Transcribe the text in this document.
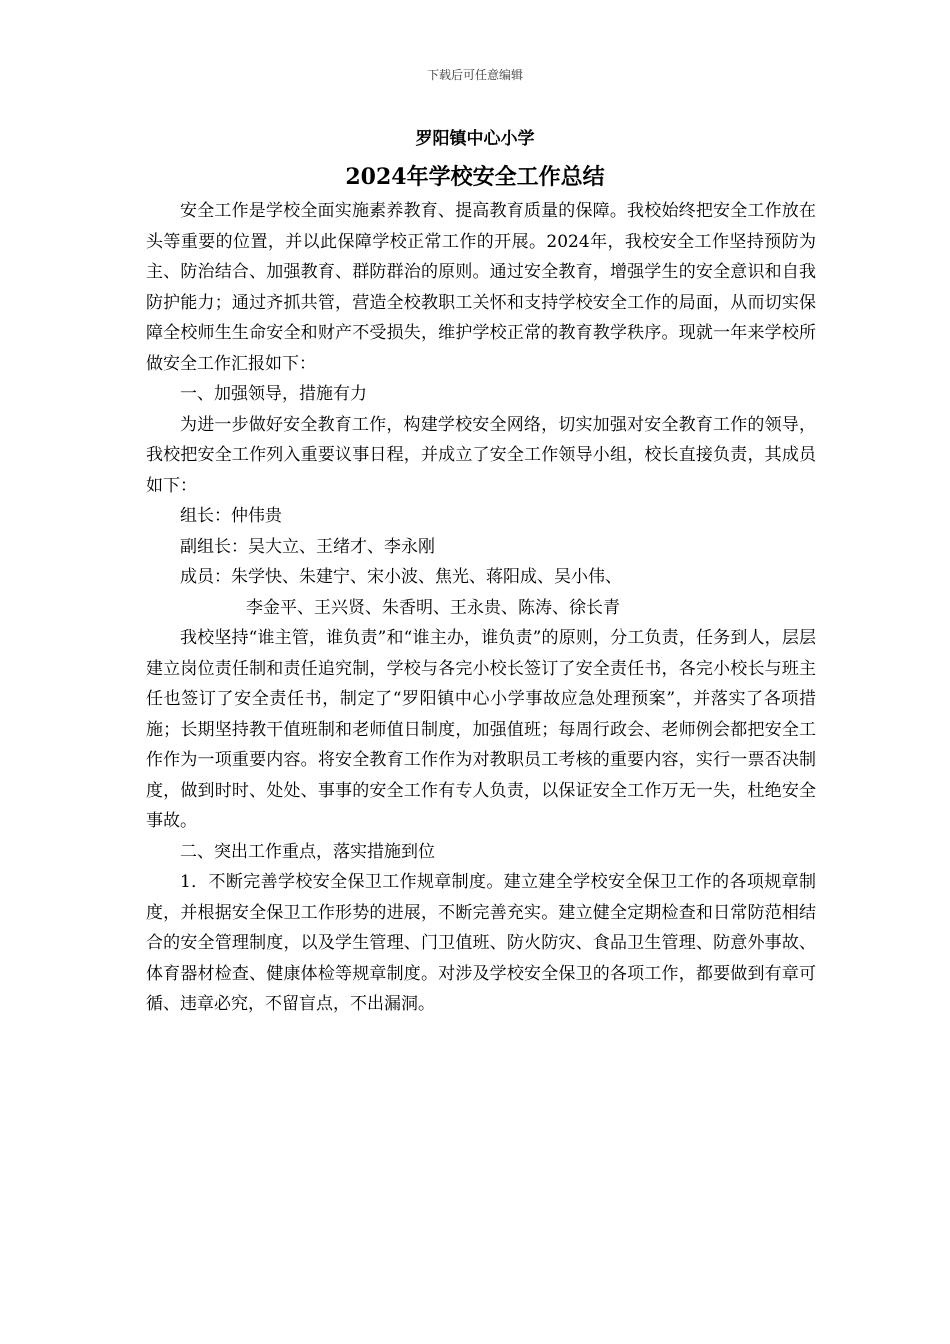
下载后可任意编辑
罗阳镇中心小学
2024年学校安全工作总结

安全工作是学校全面实施素养教育、提高教育质量的保障。我校始终把安全工作放在头等重要的位置，并以此保障学校正常工作的开展。2024年，我校安全工作坚持预防为主、防治结合、加强教育、群防群治的原则。通过安全教育，增强学生的安全意识和自我防护能力；通过齐抓共管，营造全校教职工关怀和支持学校安全工作的局面，从而切实保障全校师生生命安全和财产不受损失，维护学校正常的教育教学秩序。现就一年来学校所做安全工作汇报如下：

一、加强领导，措施有力

为进一步做好安全教育工作，构建学校安全网络，切实加强对安全教育工作的领导，我校把安全工作列入重要议事日程，并成立了安全工作领导小组，校长直接负责，其成员如下：

组长：仲伟贵

副组长：吴大立、王绪才、李永刚

成员：朱学快、朱建宁、宋小波、焦光、蒋阳成、吴小伟、

李金平、王兴贤、朱香明、王永贵、陈涛、徐长青

我校坚持“谁主管，谁负责”和“谁主办，谁负责”的原则，分工负责，任务到人，层层建立岗位责任制和责任追究制，学校与各完小校长签订了安全责任书，各完小校长与班主任也签订了安全责任书，制定了“罗阳镇中心小学事故应急处理预案”，并落实了各项措施；长期坚持教干值班制和老师值日制度，加强值班；每周行政会、老师例会都把安全工作作为一项重要内容。将安全教育工作作为对教职员工考核的重要内容，实行一票否决制度，做到时时、处处、事事的安全工作有专人负责，以保证安全工作万无一失，杜绝安全事故。

二、突出工作重点，落实措施到位

1．不断完善学校安全保卫工作规章制度。建立建全学校安全保卫工作的各项规章制度，并根据安全保卫工作形势的进展，不断完善充实。建立健全定期检查和日常防范相结合的安全管理制度，以及学生管理、门卫值班、防火防灾、食品卫生管理、防意外事故、体育器材检查、健康体检等规章制度。对涉及学校安全保卫的各项工作，都要做到有章可循、违章必究，不留盲点，不出漏洞。
